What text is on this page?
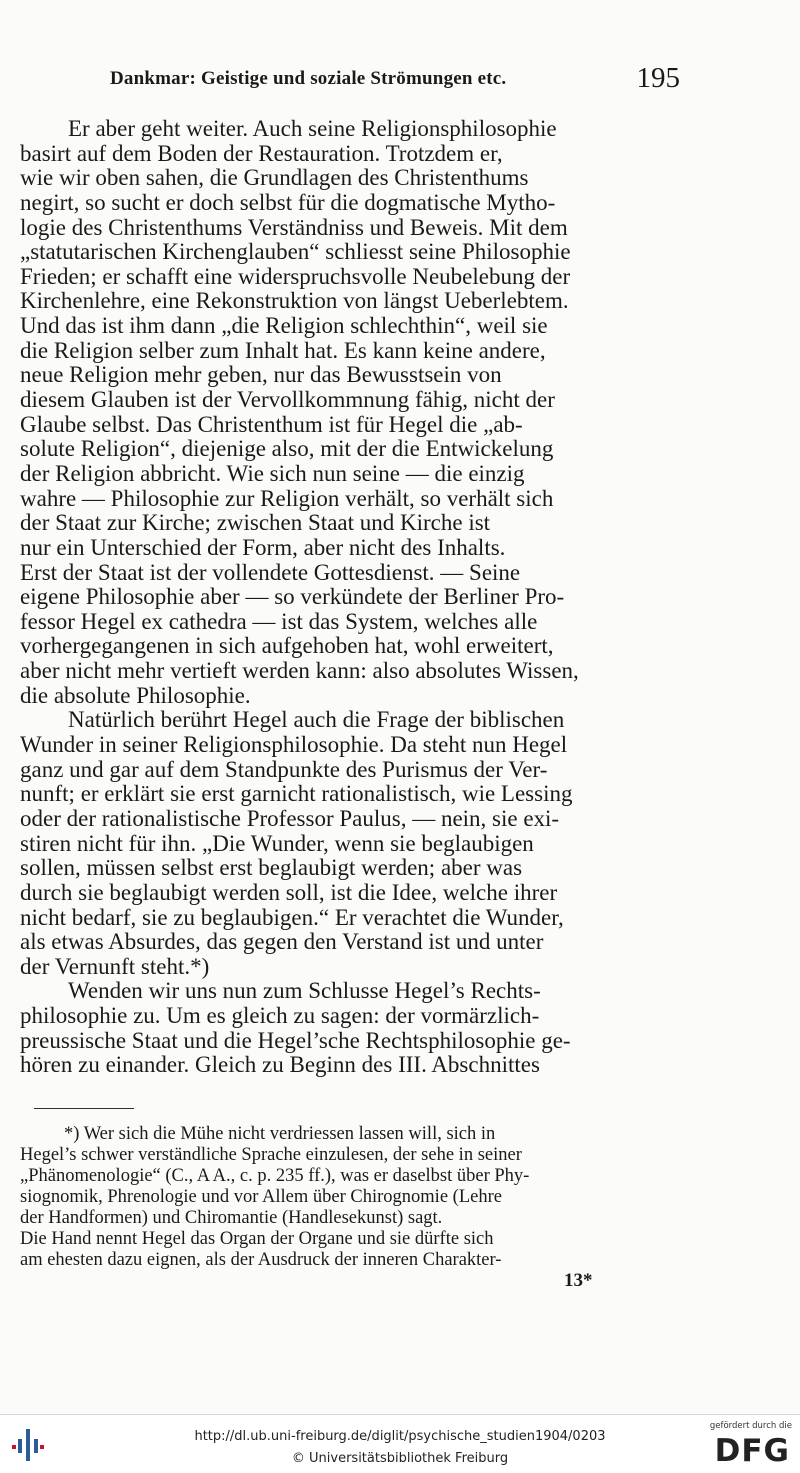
Dankmar: Geistige und soziale Strömungen etc.	195
Er aber geht weiter. Auch seine Religionsphilosophie
basirt auf dem Boden der Restauration. Trotzdem er,
wie wir oben sahen, die Grundlagen des Christenthums
negirt, so sucht er doch selbst für die dogmatische Mytho-
logie des Christenthums Verständniss und Beweis. Mit dem
„statutarischen Kirchenglauben“ schliesst seine Philosophie
Frieden; er schafft eine widerspruchsvolle Neubelebung der
Kirchenlehre, eine Rekonstruktion von längst Ueberlebtem.
Und das ist ihm dann „die Religion schlechthin“, weil sie
die Religion selber zum Inhalt hat. Es kann keine andere,
neue Religion mehr geben, nur das Bewusstsein von
diesem Glauben ist der Vervollkommnung fähig, nicht der
Glaube selbst. Das Christenthum ist für Hegel die „ab-
solute Religion“, diejenige also, mit der die Entwickelung
der Religion abbricht. Wie sich nun seine — die einzig
wahre — Philosophie zur Religion verhält, so verhält sich
der Staat zur Kirche; zwischen Staat und Kirche ist
nur ein Unterschied der Form, aber nicht des Inhalts.
Erst der Staat ist der vollendete Gottesdienst. — Seine
eigene Philosophie aber — so verkündete der Berliner Pro-
fessor Hegel ex cathedra — ist das System, welches alle
vorhergegangenen in sich aufgehoben hat, wohl erweitert,
aber nicht mehr vertieft werden kann: also absolutes Wissen,
die absolute Philosophie.
Natürlich berührt Hegel auch die Frage der biblischen
Wunder in seiner Religionsphilosophie. Da steht nun Hegel
ganz und gar auf dem Standpunkte des Purismus der Ver-
nunft; er erklärt sie erst garnicht rationalistisch, wie Lessing
oder der rationalistische Professor Paulus, — nein, sie exi-
stiren nicht für ihn. „Die Wunder, wenn sie beglaubigen
sollen, müssen selbst erst beglaubigt werden; aber was
durch sie beglaubigt werden soll, ist die Idee, welche ihrer
nicht bedarf, sie zu beglaubigen.“ Er verachtet die Wunder,
als etwas Absurdes, das gegen den Verstand ist und unter
der Vernunft steht.*)
Wenden wir uns nun zum Schlusse Hegel’s Rechts-
philosophie zu. Um es gleich zu sagen: der vormärzlich-
preussische Staat und die Hegel’sche Rechtsphilosophie ge-
hören zu einander. Gleich zu Beginn des III. Abschnittes
*) Wer sich die Mühe nicht verdriessen lassen will, sich in
Hegel’s schwer verständliche Sprache einzulesen, der sehe in seiner
„Phänomenologie“ (C., A A., c. p. 235 ff.), was er daselbst über Phy-
siognomik, Phrenologie und vor Allem über Chirognomie (Lehre
der Handformen) und Chiromantie (Handlesekunst) sagt.
Die Hand nennt Hegel das Organ der Organe und sie dürfte sich
am ehesten dazu eignen, als der Ausdruck der inneren Charakter-
13*
http://dl.ub.uni-freiburg.de/diglit/psychische_studien1904/0203
© Universitätsbibliothek Freiburg
gefördert durch die
DFG
